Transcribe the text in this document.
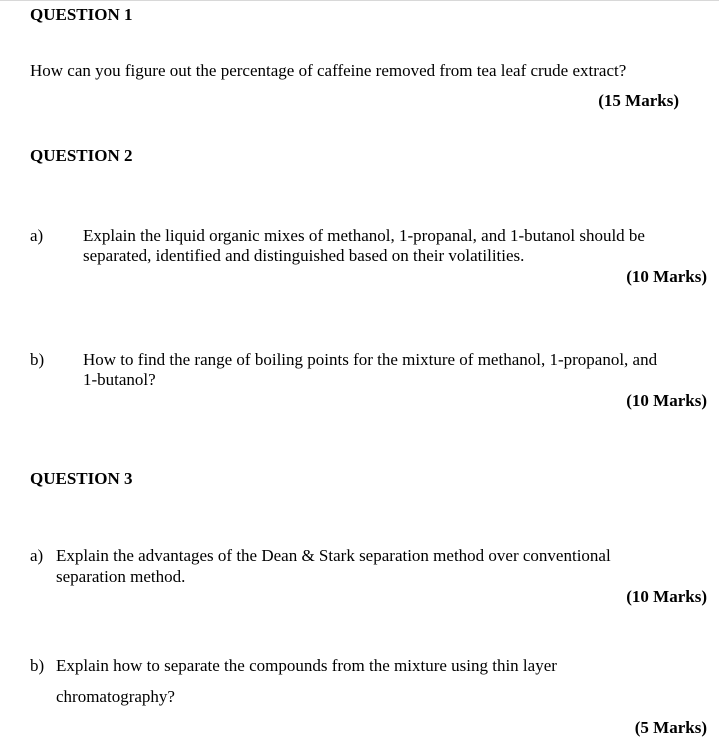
QUESTION 1
How can you figure out the percentage of caffeine removed from tea leaf crude extract?
(15 Marks)
QUESTION 2
a) Explain the liquid organic mixes of methanol, 1-propanal, and 1-butanol should be
separated, identified and distinguished based on their volatilities.
(10 Marks)
b) How to find the range of boiling points for the mixture of methanol, 1-propanol, and
1-butanol?
(10 Marks)
QUESTION 3
a) Explain the advantages of the Dean & Stark separation method over conventional
separation method.
(10 Marks)
b) Explain how to separate the compounds from the mixture using thin layer
chromatography?
(5 Marks)
